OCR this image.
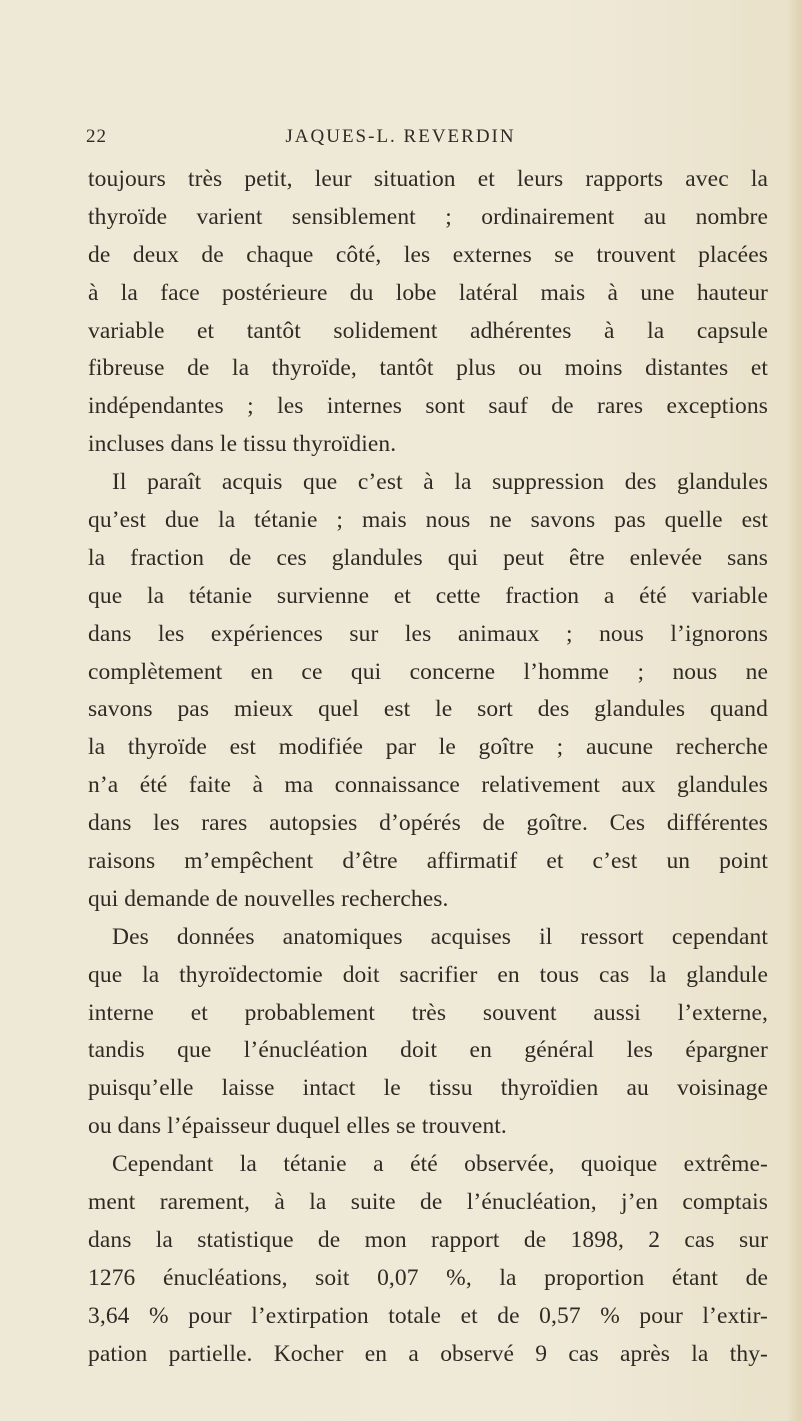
22	JAQUES-L. REVERDIN
toujours très petit, leur situation et leurs rapports avec la
thyroïde varient sensiblement ; ordinairement au nombre
de deux de chaque côté, les externes se trouvent placées
à la face postérieure du lobe latéral mais à une hauteur
variable et tantôt solidement adhérentes à la capsule
fibreuse de la thyroïde, tantôt plus ou moins distantes et
indépendantes ; les internes sont sauf de rares exceptions
incluses dans le tissu thyroïdien.
Il paraît acquis que c’est à la suppression des glandules
qu’est due la tétanie ; mais nous ne savons pas quelle est
la fraction de ces glandules qui peut être enlevée sans
que la tétanie survienne et cette fraction a été variable
dans les expériences sur les animaux ; nous l’ignorons
complètement en ce qui concerne l’homme ; nous ne
savons pas mieux quel est le sort des glandules quand
la thyroïde est modifiée par le goître ; aucune recherche
n’a été faite à ma connaissance relativement aux glandules
dans les rares autopsies d’opérés de goître. Ces différentes
raisons m’empêchent d’être affirmatif et c’est un point
qui demande de nouvelles recherches.
Des données anatomiques acquises il ressort cependant
que la thyroïdectomie doit sacrifier en tous cas la glandule
interne et probablement très souvent aussi l’externe,
tandis que l’énucléation doit en général les épargner
puisqu’elle laisse intact le tissu thyroïdien au voisinage
ou dans l’épaisseur duquel elles se trouvent.
Cependant la tétanie a été observée, quoique extrême-
ment rarement, à la suite de l’énucléation, j’en comptais
dans la statistique de mon rapport de 1898, 2 cas sur
1276 énucléations, soit 0,07 %, la proportion étant de
3,64 % pour l’extirpation totale et de 0,57 % pour l’extir-
pation partielle. Kocher en a observé 9 cas après la thy-
